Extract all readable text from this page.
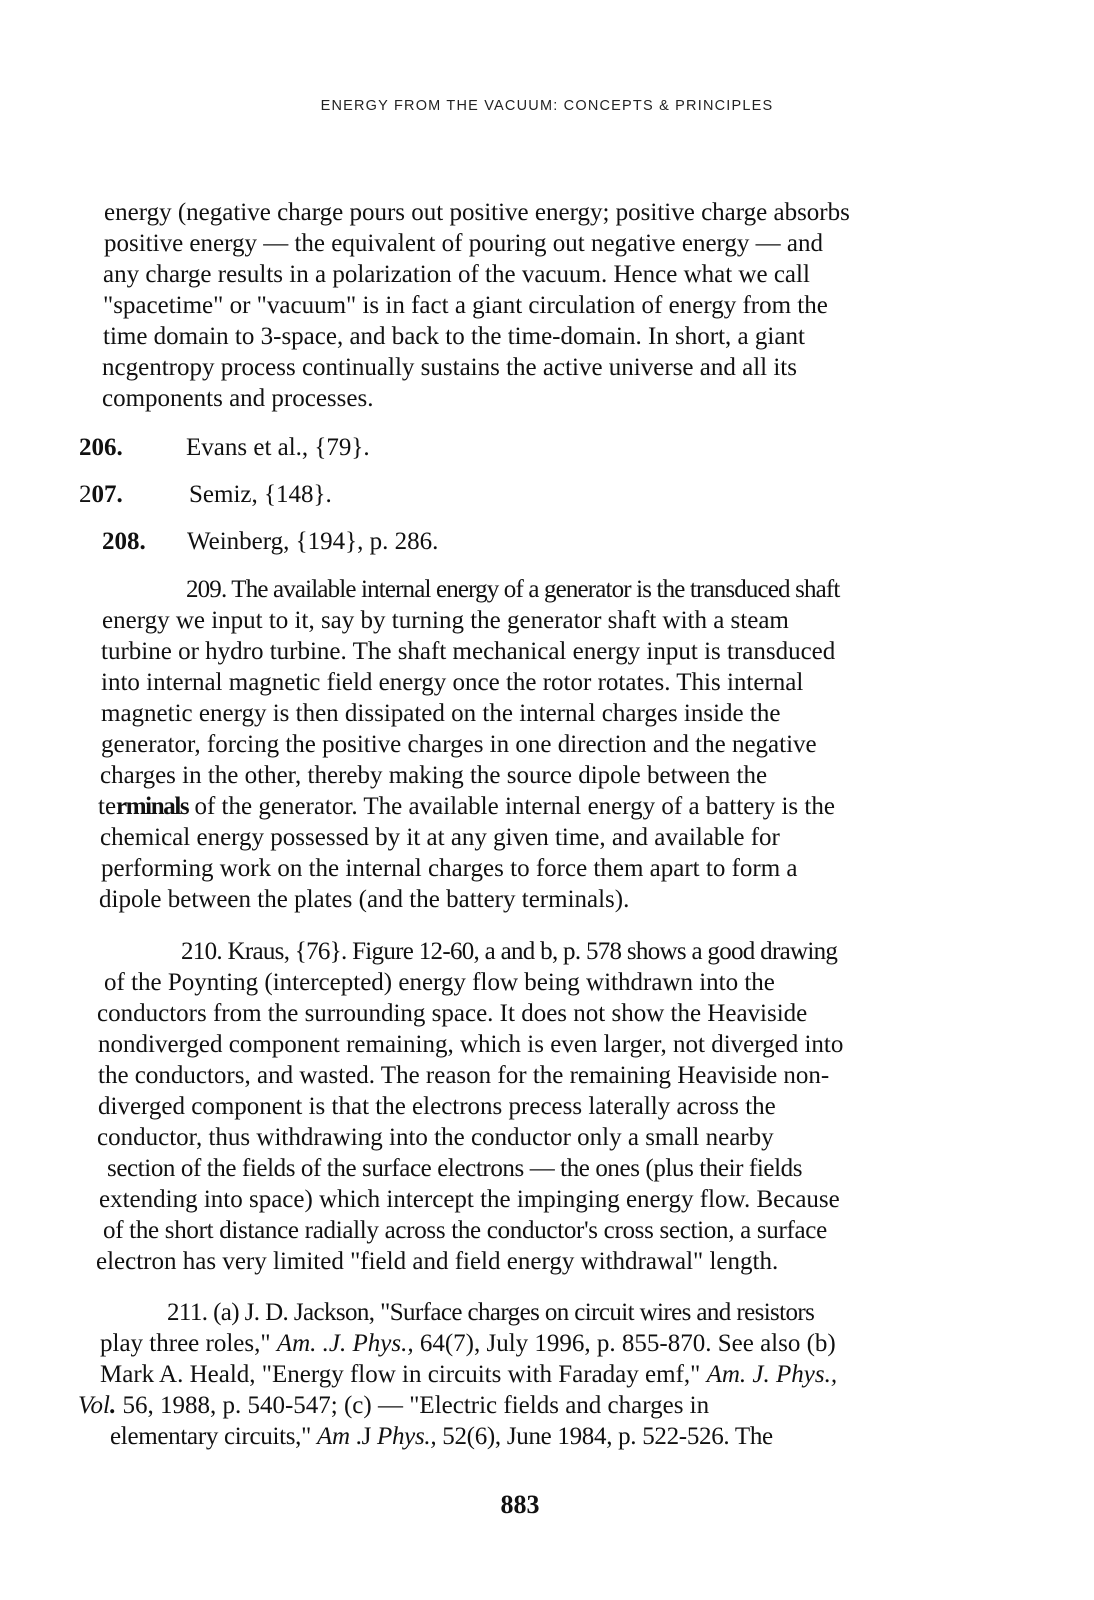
ENERGY FROM THE VACUUM: CONCEPTS & PRINCIPLES
energy (negative charge pours out positive energy; positive charge absorbs
positive energy — the equivalent of pouring out negative energy — and
any charge results in a polarization of the vacuum. Hence what we call
"spacetime" or "vacuum" is in fact a giant circulation of energy from the
time domain to 3-space, and back to the time-domain. In short, a giant
ncgentropy process continually sustains the active universe and all its
components and processes.
206.	Evans et al., {79}.
207.	Semiz, {148}.
208. Weinberg, {194}, p. 286.
209. The available internal energy of a generator is the transduced shaft
energy we input to it, say by turning the generator shaft with a steam
turbine or hydro turbine. The shaft mechanical energy input is transduced
into internal magnetic field energy once the rotor rotates. This internal
magnetic energy is then dissipated on the internal charges inside the
generator, forcing the positive charges in one direction and the negative
charges in the other, thereby making the source dipole between the
terminals of the generator. The available internal energy of a battery is the
chemical energy possessed by it at any given time, and available for
performing work on the internal charges to force them apart to form a
dipole between the plates (and the battery terminals).
210. Kraus, {76}. Figure 12-60, a and b, p. 578 shows a good drawing
of the Poynting (intercepted) energy flow being withdrawn into the
conductors from the surrounding space. It does not show the Heaviside
nondiverged component remaining, which is even larger, not diverged into
the conductors, and wasted. The reason for the remaining Heaviside non-
diverged component is that the electrons precess laterally across the
conductor, thus withdrawing into the conductor only a small nearby
section of the fields of the surface electrons — the ones (plus their fields
extending into space) which intercept the impinging energy flow. Because
of the short distance radially across the conductor's cross section, a surface
electron has very limited "field and field energy withdrawal" length.
211. (a) J. D. Jackson, "Surface charges on circuit wires and resistors
play three roles," Am. .J. Phys., 64(7), July 1996, p. 855-870. See also (b)
Mark A. Heald, "Energy flow in circuits with Faraday emf," Am. J. Phys.,
Vol. 56, 1988, p. 540-547; (c) — "Electric fields and charges in
elementary circuits," Am .J Phys., 52(6), June 1984, p. 522-526. The
883
